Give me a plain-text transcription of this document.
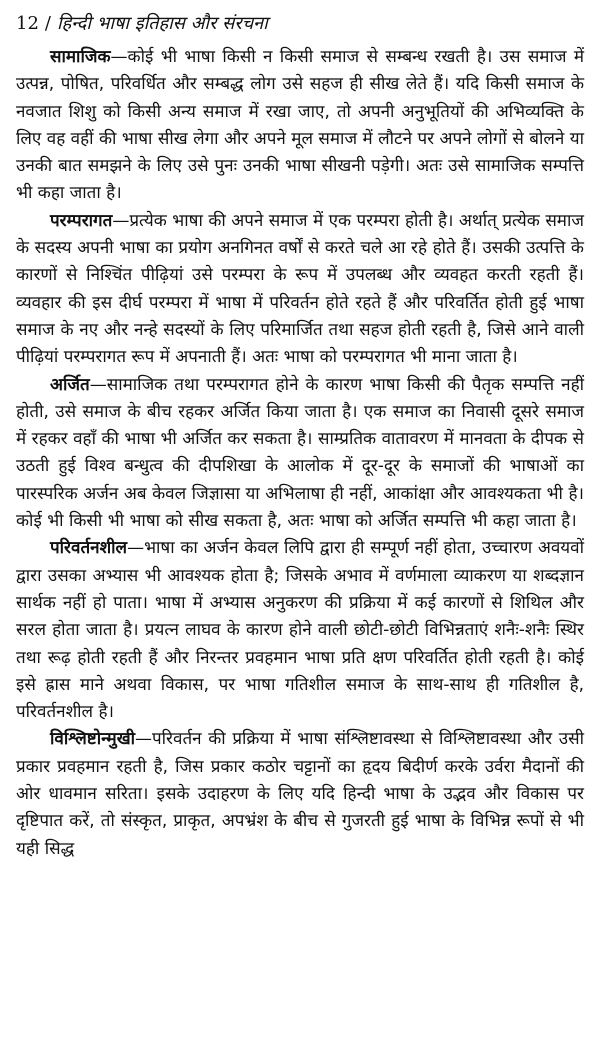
12 / हिन्दी भाषा इतिहास और संरचना

सामाजिक—कोई भी भाषा किसी न किसी समाज से सम्बन्ध रखती है। उस समाज में उत्पन्न, पोषित, परिवर्धित और सम्बद्ध लोग उसे सहज ही सीख लेते हैं। यदि किसी समाज के नवजात शिशु को किसी अन्य समाज में रखा जाए, तो अपनी अनुभूतियों की अभिव्यक्ति के लिए वह वहीं की भाषा सीख लेगा और अपने मूल समाज में लौटने पर अपने लोगों से बोलने या उनकी बात समझने के लिए उसे पुनः उनकी भाषा सीखनी पड़ेगी। अतः उसे सामाजिक सम्पत्ति भी कहा जाता है।

परम्परागत—प्रत्येक भाषा की अपने समाज में एक परम्परा होती है। अर्थात् प्रत्येक समाज के सदस्य अपनी भाषा का प्रयोग अनगिनत वर्षों से करते चले आ रहे होते हैं। उसकी उत्पत्ति के कारणों से निश्चिंत पीढ़ियां उसे परम्परा के रूप में उपलब्ध और व्यवहत करती रहती हैं। व्यवहार की इस दीर्घ परम्परा में भाषा में परिवर्तन होते रहते हैं और परिवर्तित होती हुई भाषा समाज के नए और नन्हे सदस्यों के लिए परिमार्जित तथा सहज होती रहती है, जिसे आने वाली पीढ़ियां परम्परागत रूप में अपनाती हैं। अतः भाषा को परम्परागत भी माना जाता है।

अर्जित—सामाजिक तथा परम्परागत होने के कारण भाषा किसी की पैतृक सम्पत्ति नहीं होती, उसे समाज के बीच रहकर अर्जित किया जाता है। एक समाज का निवासी दूसरे समाज में रहकर वहाँ की भाषा भी अर्जित कर सकता है। साम्प्रतिक वातावरण में मानवता के दीपक से उठती हुई विश्व बन्धुत्व की दीपशिखा के आलोक में दूर-दूर के समाजों की भाषाओं का पारस्परिक अर्जन अब केवल जिज्ञासा या अभिलाषा ही नहीं, आकांक्षा और आवश्यकता भी है। कोई भी किसी भी भाषा को सीख सकता है, अतः भाषा को अर्जित सम्पत्ति भी कहा जाता है।

परिवर्तनशील—भाषा का अर्जन केवल लिपि द्वारा ही सम्पूर्ण नहीं होता, उच्चारण अवयवों द्वारा उसका अभ्यास भी आवश्यक होता है; जिसके अभाव में वर्णमाला व्याकरण या शब्दज्ञान सार्थक नहीं हो पाता। भाषा में अभ्यास अनुकरण की प्रक्रिया में कई कारणों से शिथिल और सरल होता जाता है। प्रयत्न लाघव के कारण होने वाली छोटी-छोटी विभिन्नताएं शनैः-शनैः स्थिर तथा रूढ़ होती रहती हैं और निरन्तर प्रवहमान भाषा प्रति क्षण परिवर्तित होती रहती है। कोई इसे ह्रास माने अथवा विकास, पर भाषा गतिशील समाज के साथ-साथ ही गतिशील है, परिवर्तनशील है।

विश्लिष्टोन्मुखी—परिवर्तन की प्रक्रिया में भाषा संश्लिष्टावस्था से विश्लिष्टावस्था और उसी प्रकार प्रवहमान रहती है, जिस प्रकार कठोर चट्टानों का हृदय बिदीर्ण करके उर्वरा मैदानों की ओर धावमान सरिता। इसके उदाहरण के लिए यदि हिन्दी भाषा के उद्भव और विकास पर दृष्टिपात करें, तो संस्कृत, प्राकृत, अपभ्रंश के बीच से गुजरती हुई भाषा के विभिन्न रूपों से भी यही सिद्ध
